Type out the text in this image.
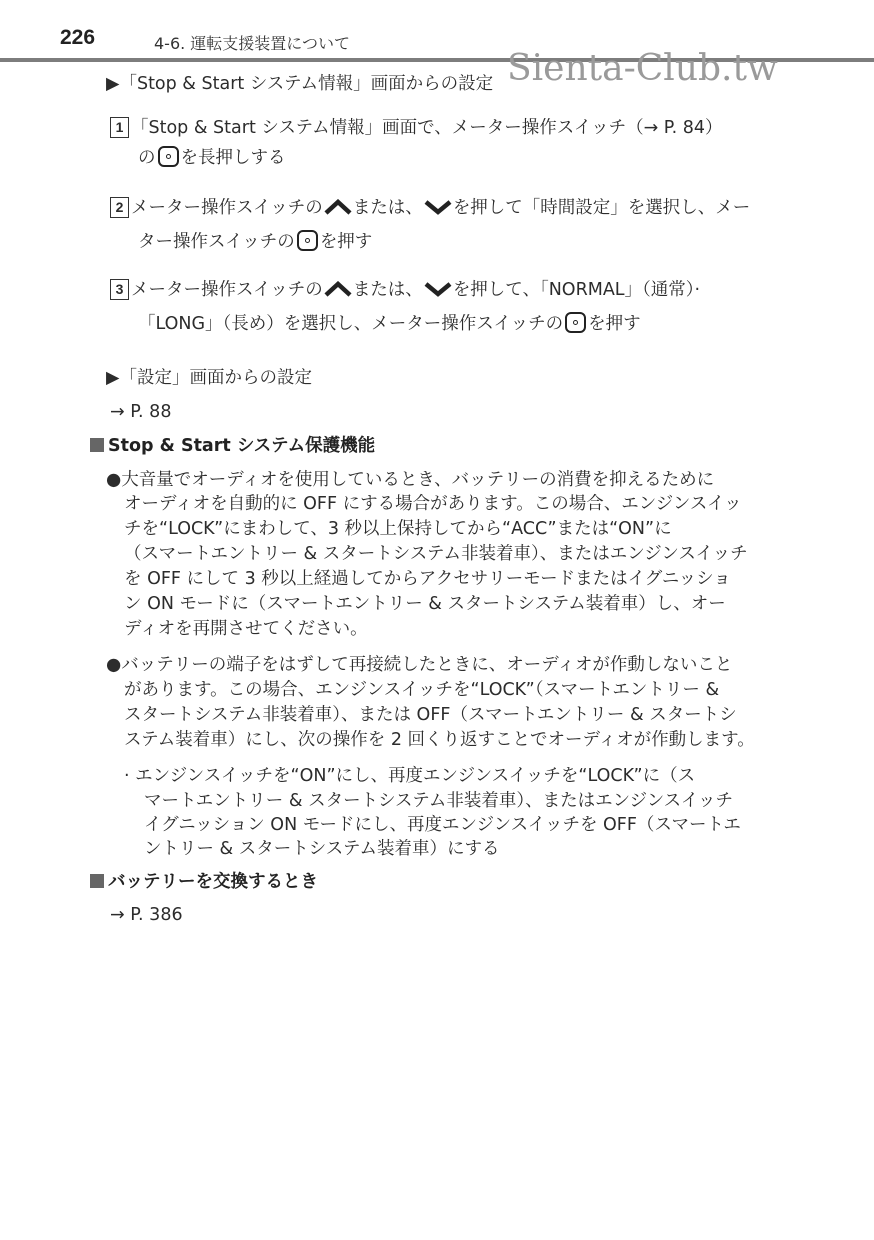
226	4-6. 運転支援装置について
Sienta-Club.tw
▶「Stop & Start システム情報」画面からの設定
1 「Stop & Start システム情報」画面で、メーター操作スイッチ（→ P. 84）
の を長押しする
2 メーター操作スイッチの または、 を押して「時間設定」を選択し、メー
ター操作スイッチの を押す
3 メーター操作スイッチの または、 を押して、「NORMAL」（通常）·
「LONG」（長め）を選択し、メーター操作スイッチの を押す
▶「設定」画面からの設定
→ P. 88
Stop & Start システム保護機能
●大音量でオーディオを使用しているとき、バッテリーの消費を抑えるために
オーディオを自動的に OFF にする場合があります。この場合、エンジンスイッ
チを“LOCK”にまわして、3 秒以上保持してから“ACC”または“ON”に
（スマートエントリー & スタートシステム非装着車）、またはエンジンスイッチ
を OFF にして 3 秒以上経過してからアクセサリーモードまたはイグニッショ
ン ON モードに（スマートエントリー & スタートシステム装着車）し、オー
ディオを再開させてください。
●バッテリーの端子をはずして再接続したときに、オーディオが作動しないこと
があります。この場合、エンジンスイッチを“LOCK”（スマートエントリー &
スタートシステム非装着車）、または OFF（スマートエントリー & スタートシ
ステム装着車）にし、次の操作を 2 回くり返すことでオーディオが作動します。
· エンジンスイッチを“ON”にし、再度エンジンスイッチを“LOCK”に（ス
マートエントリー & スタートシステム非装着車）、またはエンジンスイッチ
イグニッション ON モードにし、再度エンジンスイッチを OFF（スマートエ
ントリー & スタートシステム装着車）にする
バッテリーを交換するとき
→ P. 386
